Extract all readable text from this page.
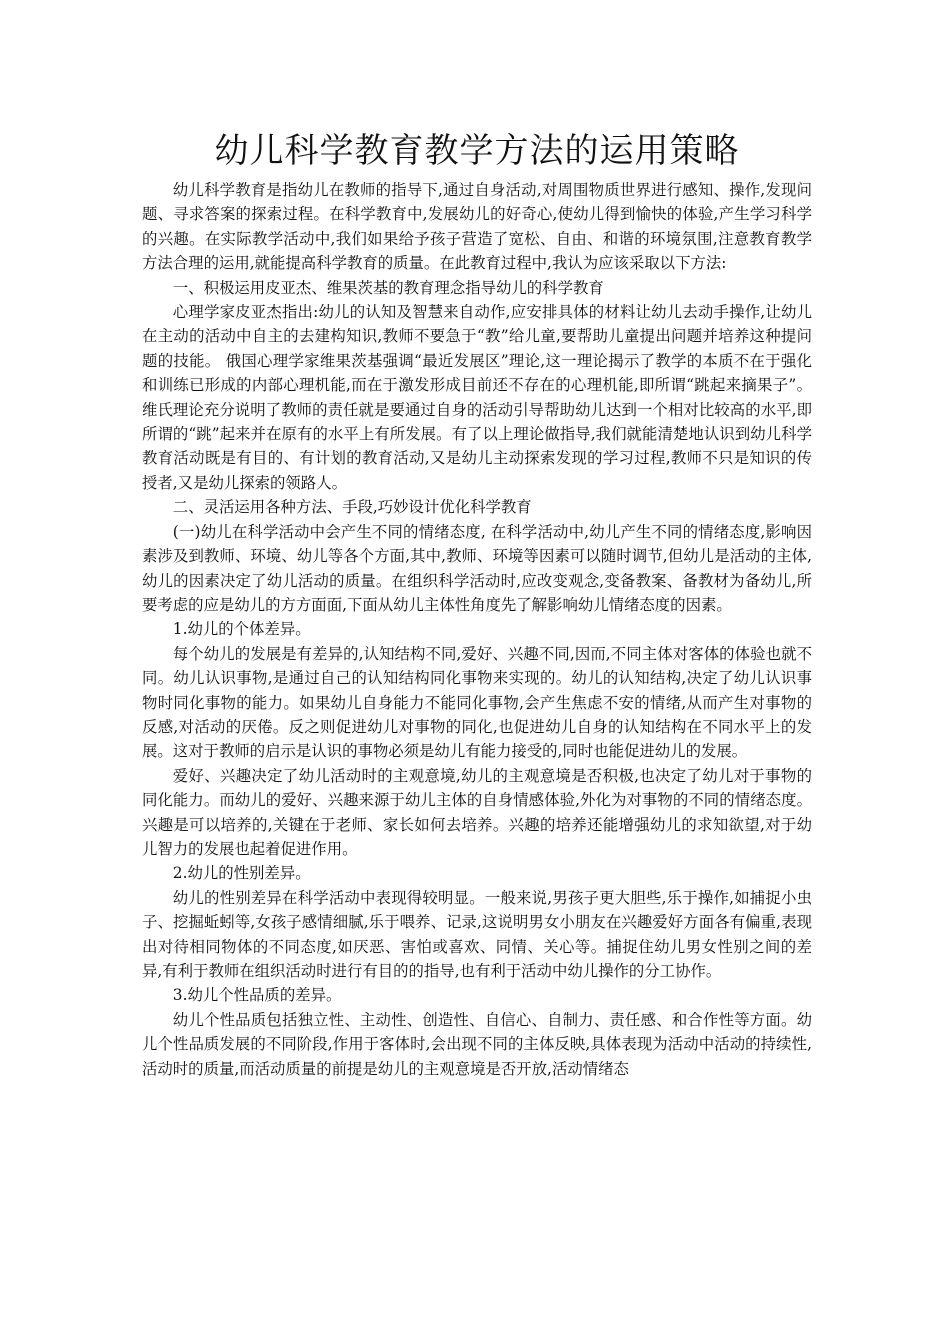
幼儿科学教育教学方法的运用策略

幼儿科学教育是指幼儿在教师的指导下,通过自身活动,对周围物质世界进行感知、操作,发现问题、寻求答案的探索过程。在科学教育中,发展幼儿的好奇心,使幼儿得到愉快的体验,产生学习科学的兴趣。在实际教学活动中,我们如果给予孩子营造了宽松、自由、和谐的环境氛围,注意教育教学方法合理的运用,就能提高科学教育的质量。在此教育过程中,我认为应该采取以下方法:

一、积极运用皮亚杰、维果茨基的教育理念指导幼儿的科学教育

心理学家皮亚杰指出:幼儿的认知及智慧来自动作,应安排具体的材料让幼儿去动手操作,让幼儿在主动的活动中自主的去建构知识,教师不要急于“教”给儿童,要帮助儿童提出问题并培养这种提问题的技能。 俄国心理学家维果茨基强调“最近发展区”理论,这一理论揭示了教学的本质不在于强化和训练已形成的内部心理机能,而在于激发形成目前还不存在的心理机能,即所谓“跳起来摘果子”。维氏理论充分说明了教师的责任就是要通过自身的活动引导帮助幼儿达到一个相对比较高的水平,即所谓的“跳”起来并在原有的水平上有所发展。有了以上理论做指导,我们就能清楚地认识到幼儿科学教育活动既是有目的、有计划的教育活动,又是幼儿主动探索发现的学习过程,教师不只是知识的传授者,又是幼儿探索的领路人。

二、灵活运用各种方法、手段,巧妙设计优化科学教育

(一)幼儿在科学活动中会产生不同的情绪态度, 在科学活动中,幼儿产生不同的情绪态度,影响因素涉及到教师、环境、幼儿等各个方面,其中,教师、环境等因素可以随时调节,但幼儿是活动的主体,幼儿的因素决定了幼儿活动的质量。在组织科学活动时,应改变观念,变备教案、备教材为备幼儿,所要考虑的应是幼儿的方方面面,下面从幼儿主体性角度先了解影响幼儿情绪态度的因素。

1.幼儿的个体差异。

每个幼儿的发展是有差异的,认知结构不同,爱好、兴趣不同,因而,不同主体对客体的体验也就不同。幼儿认识事物,是通过自己的认知结构同化事物来实现的。幼儿的认知结构,决定了幼儿认识事物时同化事物的能力。如果幼儿自身能力不能同化事物,会产生焦虑不安的情绪,从而产生对事物的反感,对活动的厌倦。反之则促进幼儿对事物的同化,也促进幼儿自身的认知结构在不同水平上的发展。这对于教师的启示是认识的事物必须是幼儿有能力接受的,同时也能促进幼儿的发展。

爱好、兴趣决定了幼儿活动时的主观意境,幼儿的主观意境是否积极,也决定了幼儿对于事物的同化能力。而幼儿的爱好、兴趣来源于幼儿主体的自身情感体验,外化为对事物的不同的情绪态度。兴趣是可以培养的,关键在于老师、家长如何去培养。兴趣的培养还能增强幼儿的求知欲望,对于幼儿智力的发展也起着促进作用。

2.幼儿的性别差异。

幼儿的性别差异在科学活动中表现得较明显。一般来说,男孩子更大胆些,乐于操作,如捕捉小虫子、挖掘蚯蚓等,女孩子感情细腻,乐于喂养、记录,这说明男女小朋友在兴趣爱好方面各有偏重,表现出对待相同物体的不同态度,如厌恶、害怕或喜欢、同情、关心等。捕捉住幼儿男女性别之间的差异,有利于教师在组织活动时进行有目的的指导,也有利于活动中幼儿操作的分工协作。

3.幼儿个性品质的差异。

幼儿个性品质包括独立性、主动性、创造性、自信心、自制力、责任感、和合作性等方面。幼儿个性品质发展的不同阶段,作用于客体时,会出现不同的主体反映,具体表现为活动中活动的持续性,活动时的质量,而活动质量的前提是幼儿的主观意境是否开放,活动情绪态
